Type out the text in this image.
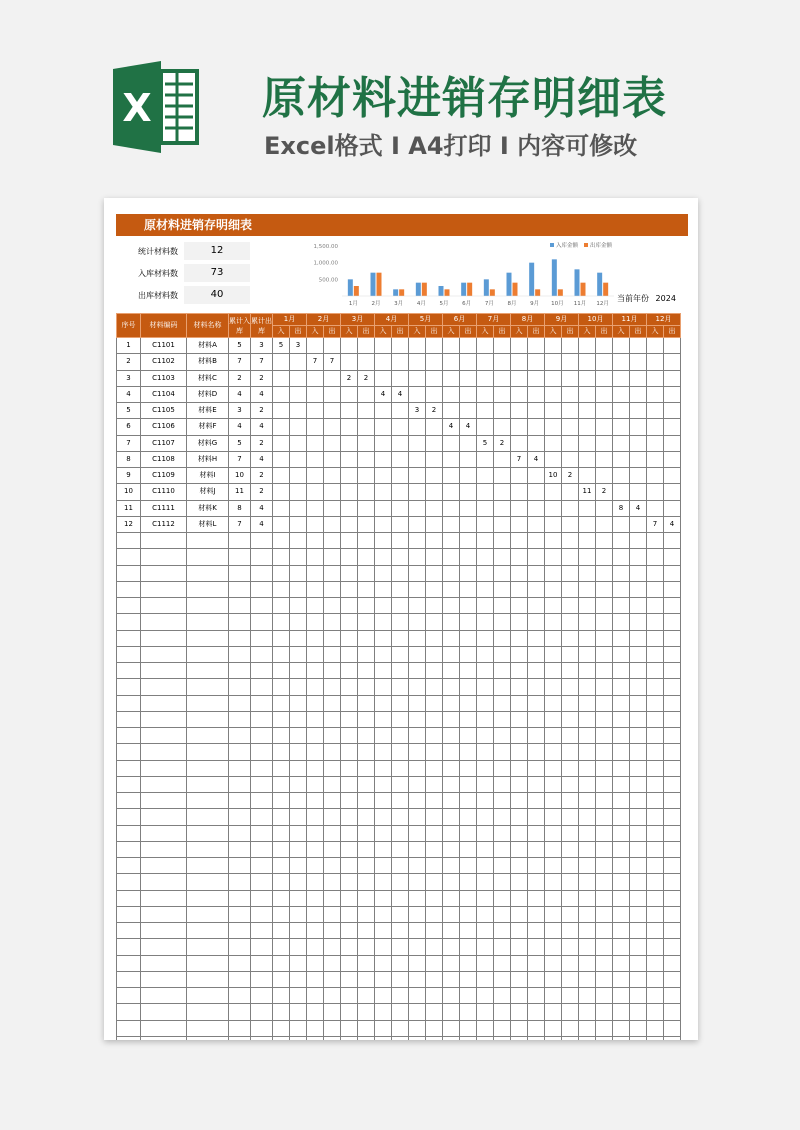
X	原材料进销存明细表
Excel格式 I A4打印 I 内容可修改
原材料进销存明细表
统计材料数	12
入库材料数	73
出库材料数	40
1,500.00
1,000.00
500.00
1月 2月 3月 4月 5月 6月 7月 8月 9月 10月 11月 12月
入库金额 出库金额
当前年份 2024
序号	材料编码	材料名称	累计入库	累计出库	1月		2月		3月		4月		5月		6月		7月		8月		9月		10月		11月		12月	
					入	出	入	出	入	出	入	出	入	出	入	出	入	出	入	出	入	出	入	出	入	出	入	出
1	C1101	材料A	5	3	5	3																						
2	C1102	材料B	7	7			7	7																				
3	C1103	材料C	2	2					2	2																		
4	C1104	材料D	4	4							4	4																
5	C1105	材料E	3	2									3	2														
6	C1106	材料F	4	4											4	4												
7	C1107	材料G	5	2													5	2										
8	C1108	材料H	7	4															7	4								
9	C1109	材料I	10	2																	10	2						
10	C1110	材料J	11	2																			11	2				
11	C1111	材料K	8	4																					8	4		
12	C1112	材料L	7	4																							7	4
